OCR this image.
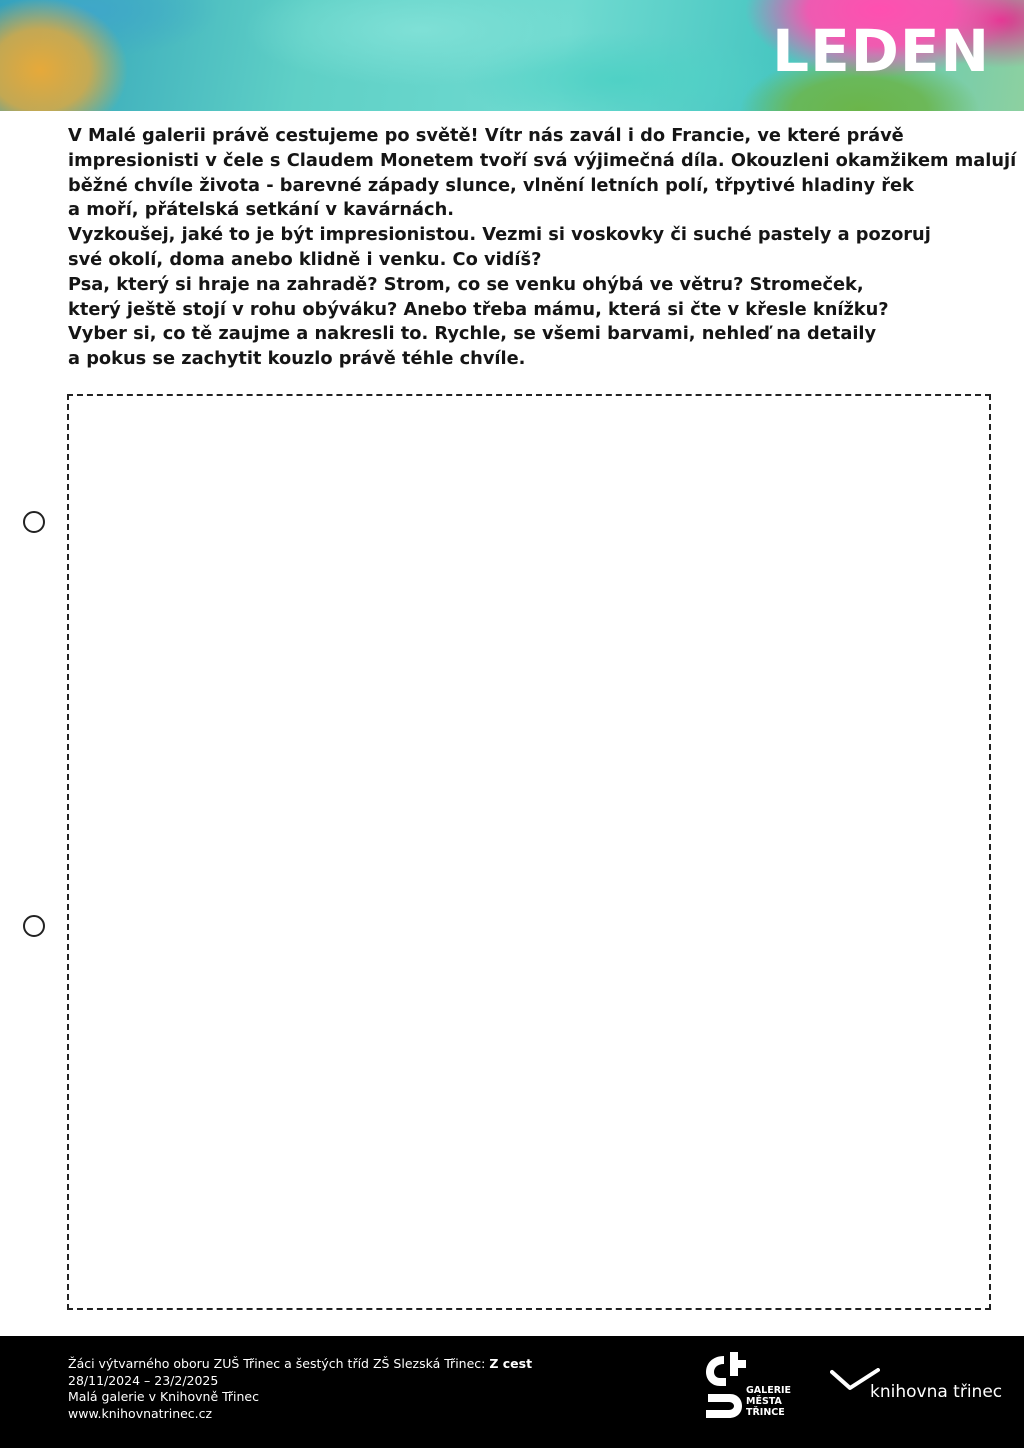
LEDEN
V Malé galerii právě cestujeme po světě! Vítr nás zavál i do Francie, ve které právě
impresionisti v čele s Claudem Monetem tvoří svá výjimečná díla. Okouzleni okamžikem malují
běžné chvíle života - barevné západy slunce, vlnění letních polí, třpytivé hladiny řek
a moří, přátelská setkání v kavárnách.
Vyzkoušej, jaké to je být impresionistou. Vezmi si voskovky či suché pastely a pozoruj
své okolí, doma anebo klidně i venku. Co vidíš?
Psa, který si hraje na zahradě? Strom, co se venku ohýbá ve větru? Stromeček,
který ještě stojí v rohu obýváku? Anebo třeba mámu, která si čte v křesle knížku?
Vyber si, co tě zaujme a nakresli to. Rychle, se všemi barvami, nehleď na detaily
a pokus se zachytit kouzlo právě téhle chvíle.
Žáci výtvarného oboru ZUŠ Třinec a šestých tříd ZŠ Slezská Třinec: Z cest
28/11/2024 – 23/2/2025
Malá galerie v Knihovně Třinec
www.knihovnatrinec.cz
GALERIE
MĚSTA
TŘINCE
knihovna třinec
